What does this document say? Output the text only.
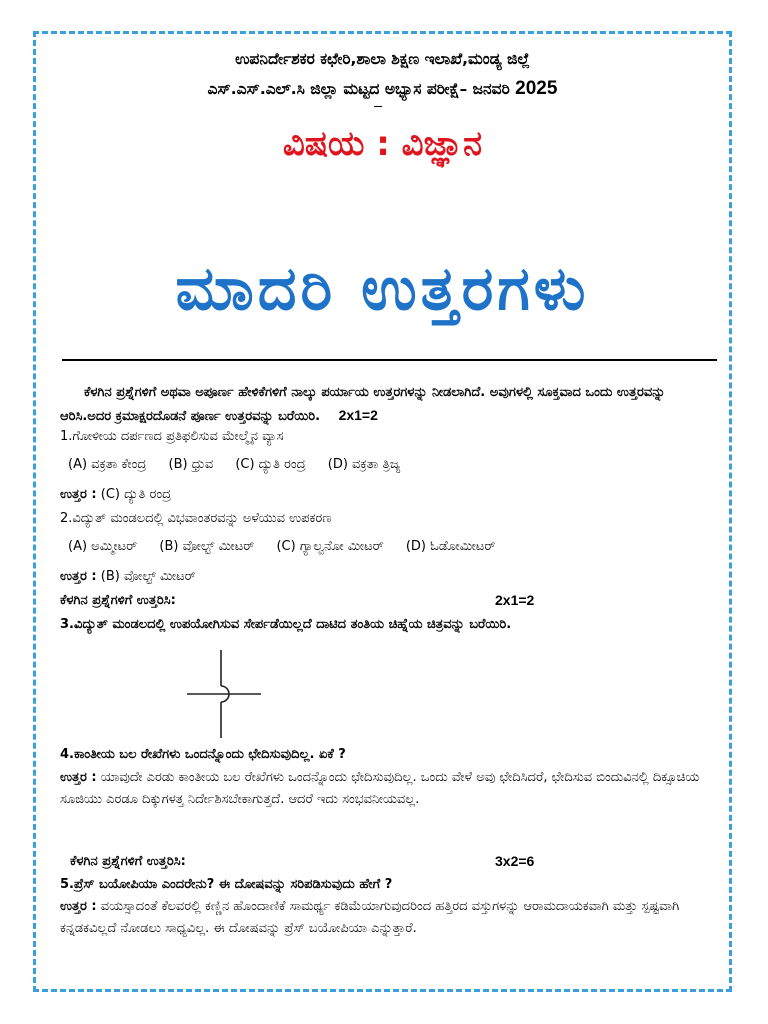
ಉಪನಿರ್ದೇಶಕರ ಕಛೇರಿ,ಶಾಲಾ ಶಿಕ್ಷಣ ಇಲಾಖೆ,ಮಂಡ್ಯ ಜಿಲ್ಲೆ
ಎಸ್.ಎಸ್.ಎಲ್.ಸಿ ಜಿಲ್ಲಾ ಮಟ್ಟದ ಅಭ್ಯಾಸ ಪರೀಕ್ಷೆ– ಜನವರಿ 2025
ವಿಷಯ : ವಿಜ್ಞಾನ
ಮಾದರಿ ಉತ್ತರಗಳು
ಕೆಳಗಿನ ಪ್ರಶ್ನೆಗಳಿಗೆ ಅಥವಾ ಅಪೂರ್ಣ ಹೇಳಿಕೆಗಳಿಗೆ ನಾಲ್ಕು ಪರ್ಯಾಯ ಉತ್ತರಗಳನ್ನು ನೀಡಲಾಗಿದೆ. ಅವುಗಳಲ್ಲಿ ಸೂಕ್ತವಾದ ಒಂದು ಉತ್ತರವನ್ನು ಆರಿಸಿ.ಅದರ ಕ್ರಮಾಕ್ಷರದೊಡನೆ ಪೂರ್ಣ ಉತ್ತರವನ್ನು ಬರೆಯಿರಿ. 2x1=2
1.ಗೋಳೀಯ ದರ್ಪಣದ ಪ್ರತಿಫಲಿಸುವ ಮೇಲ್ಮೈನ ವ್ಯಾಸ
(A) ವಕ್ರತಾ ಕೇಂದ್ರ (B) ಧ್ರುವ (C) ದ್ಯುತಿ ರಂದ್ರ (D) ವಕ್ರತಾ ತ್ರಿಜ್ಯ
ಉತ್ತರ : (C) ದ್ಯುತಿ ರಂದ್ರ
2.ವಿದ್ಯುತ್ ಮಂಡಲದಲ್ಲಿ ವಿಭವಾಂತರವನ್ನು ಅಳೆಯುವ ಉಪಕರಣ
(A) ಅಮ್ಮೀಟರ್ (B) ವೋಲ್ಟ್ ಮೀಟರ್ (C) ಗ್ಯಾಲ್ವನೋ ಮೀಟರ್ (D) ಓಡೋಮೀಟರ್
ಉತ್ತರ : (B) ವೋಲ್ಟ್ ಮೀಟರ್
ಕೆಳಗಿನ ಪ್ರಶ್ನೆಗಳಿಗೆ ಉತ್ತರಿಸಿ:	2x1=2
3.ವಿದ್ಯುತ್ ಮಂಡಲದಲ್ಲಿ ಉಪಯೋಗಿಸುವ ಸೇರ್ಪಡೆಯಿಲ್ಲದೆ ದಾಟಿದ ತಂತಿಯ ಚಿಹ್ನೆಯ ಚಿತ್ರವನ್ನು ಬರೆಯಿರಿ.
4.ಕಾಂತೀಯ ಬಲ ರೇಖೆಗಳು ಒಂದನ್ನೊಂದು ಛೇದಿಸುವುದಿಲ್ಲ. ಏಕೆ ?
ಉತ್ತರ : ಯಾವುದೇ ಎರಡು ಕಾಂತೀಯ ಬಲ ರೇಖೆಗಳು ಒಂದನ್ನೊಂದು ಛೇದಿಸುವುದಿಲ್ಲ. ಒಂದು ವೇಳೆ ಅವು ಛೇದಿಸಿದರೆ, ಛೇದಿಸುವ ಬಿಂದುವಿನಲ್ಲಿ ದಿಕ್ಸೂಚಿಯ ಸೂಜಿಯು ಎರಡೂ ದಿಕ್ಕುಗಳತ್ತ ನಿರ್ದೇಶಿಸಬೇಕಾಗುತ್ತದೆ. ಆದರೆ ಇದು ಸಂಭವನೀಯವಲ್ಲ.
ಕೆಳಗಿನ ಪ್ರಶ್ನೆಗಳಿಗೆ ಉತ್ತರಿಸಿ:	3x2=6
5.ಪ್ರೆಸ್ ಬಯೋಪಿಯಾ ಎಂದರೇನು? ಈ ದೋಷವನ್ನು ಸರಿಪಡಿಸುವುದು ಹೇಗೆ ?
ಉತ್ತರ : ವಯಸ್ಸಾದಂತೆ ಕೆಲವರಲ್ಲಿ ಕಣ್ಣಿನ ಹೊಂದಾಣಿಕೆ ಸಾಮರ್ಥ್ಯ ಕಡಿಮೆಯಾಗುವುದರಿಂದ ಹತ್ತಿರದ ವಸ್ತುಗಳನ್ನು ಆರಾಮದಾಯಕವಾಗಿ ಮತ್ತು ಸ್ಪಷ್ಟವಾಗಿ ಕನ್ನಡಕವಿಲ್ಲದೆ ನೋಡಲು ಸಾಧ್ಯವಿಲ್ಲ. ಈ ದೋಷವನ್ನು ಪ್ರೆಸ್ ಬಯೋಪಿಯಾ ಎನ್ನುತ್ತಾರೆ.
